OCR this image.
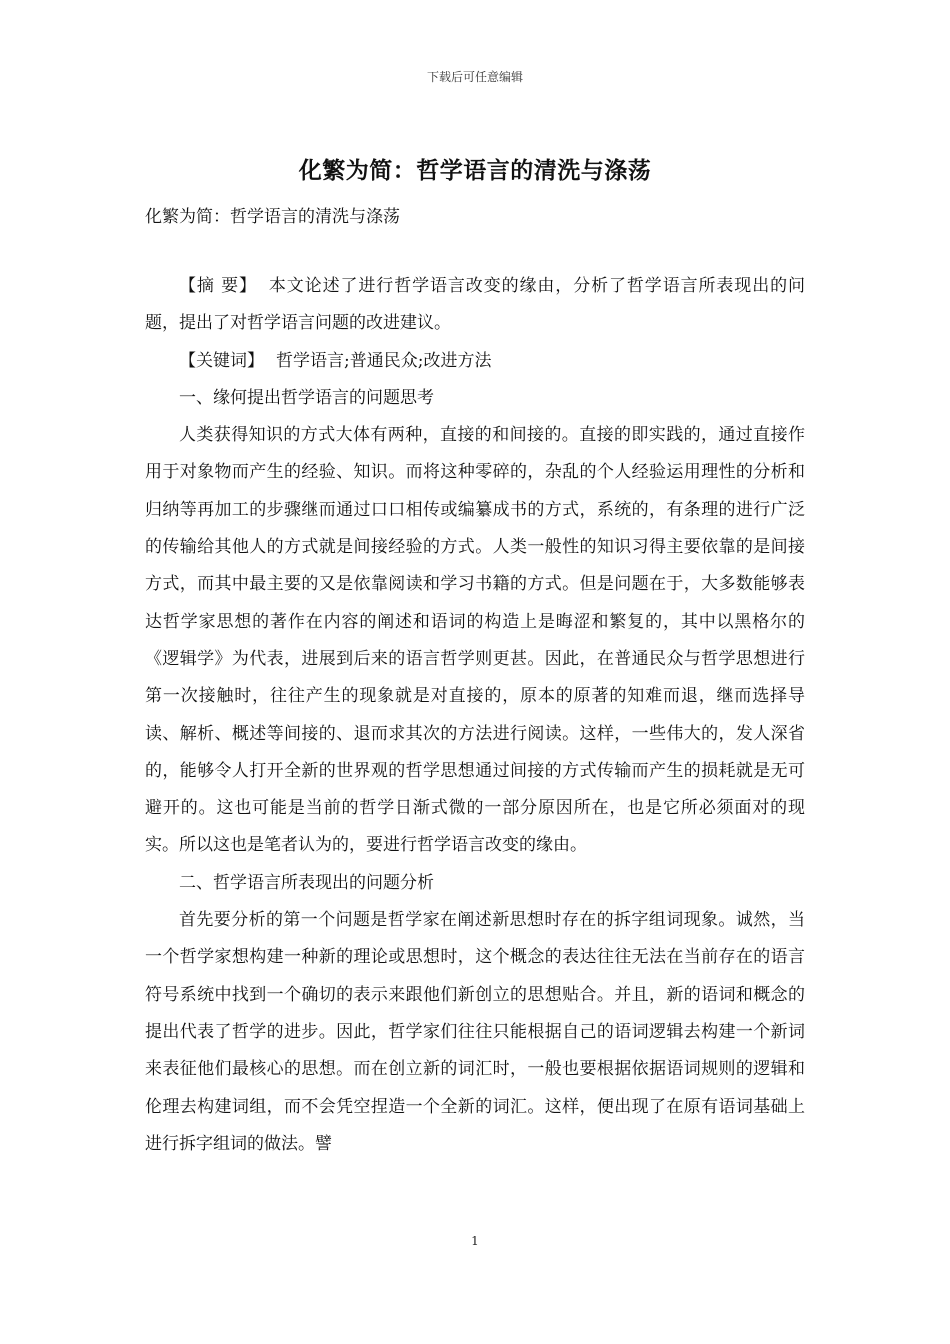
下载后可任意编辑
化繁为简：哲学语言的清洗与涤荡
化繁为简：哲学语言的清洗与涤荡

【摘 要】 本文论述了进行哲学语言改变的缘由，分析了哲学语言所表现出的问题，提出了对哲学语言问题的改进建议。

【关键词】 哲学语言;普通民众;改进方法

一、缘何提出哲学语言的问题思考

人类获得知识的方式大体有两种，直接的和间接的。直接的即实践的，通过直接作用于对象物而产生的经验、知识。而将这种零碎的，杂乱的个人经验运用理性的分析和归纳等再加工的步骤继而通过口口相传或编纂成书的方式，系统的，有条理的进行广泛的传输给其他人的方式就是间接经验的方式。人类一般性的知识习得主要依靠的是间接方式，而其中最主要的又是依靠阅读和学习书籍的方式。但是问题在于，大多数能够表达哲学家思想的著作在内容的阐述和语词的构造上是晦涩和繁复的，其中以黑格尔的《逻辑学》为代表，进展到后来的语言哲学则更甚。因此，在普通民众与哲学思想进行第一次接触时，往往产生的现象就是对直接的，原本的原著的知难而退，继而选择导读、解析、概述等间接的、退而求其次的方法进行阅读。这样，一些伟大的，发人深省的，能够令人打开全新的世界观的哲学思想通过间接的方式传输而产生的损耗就是无可避开的。这也可能是当前的哲学日渐式微的一部分原因所在，也是它所必须面对的现实。所以这也是笔者认为的，要进行哲学语言改变的缘由。

二、哲学语言所表现出的问题分析

首先要分析的第一个问题是哲学家在阐述新思想时存在的拆字组词现象。诚然，当一个哲学家想构建一种新的理论或思想时，这个概念的表达往往无法在当前存在的语言符号系统中找到一个确切的表示来跟他们新创立的思想贴合。并且，新的语词和概念的提出代表了哲学的进步。因此，哲学家们往往只能根据自己的语词逻辑去构建一个新词来表征他们最核心的思想。而在创立新的词汇时，一般也要根据依据语词规则的逻辑和伦理去构建词组，而不会凭空捏造一个全新的词汇。这样，便出现了在原有语词基础上进行拆字组词的做法。譬

1
